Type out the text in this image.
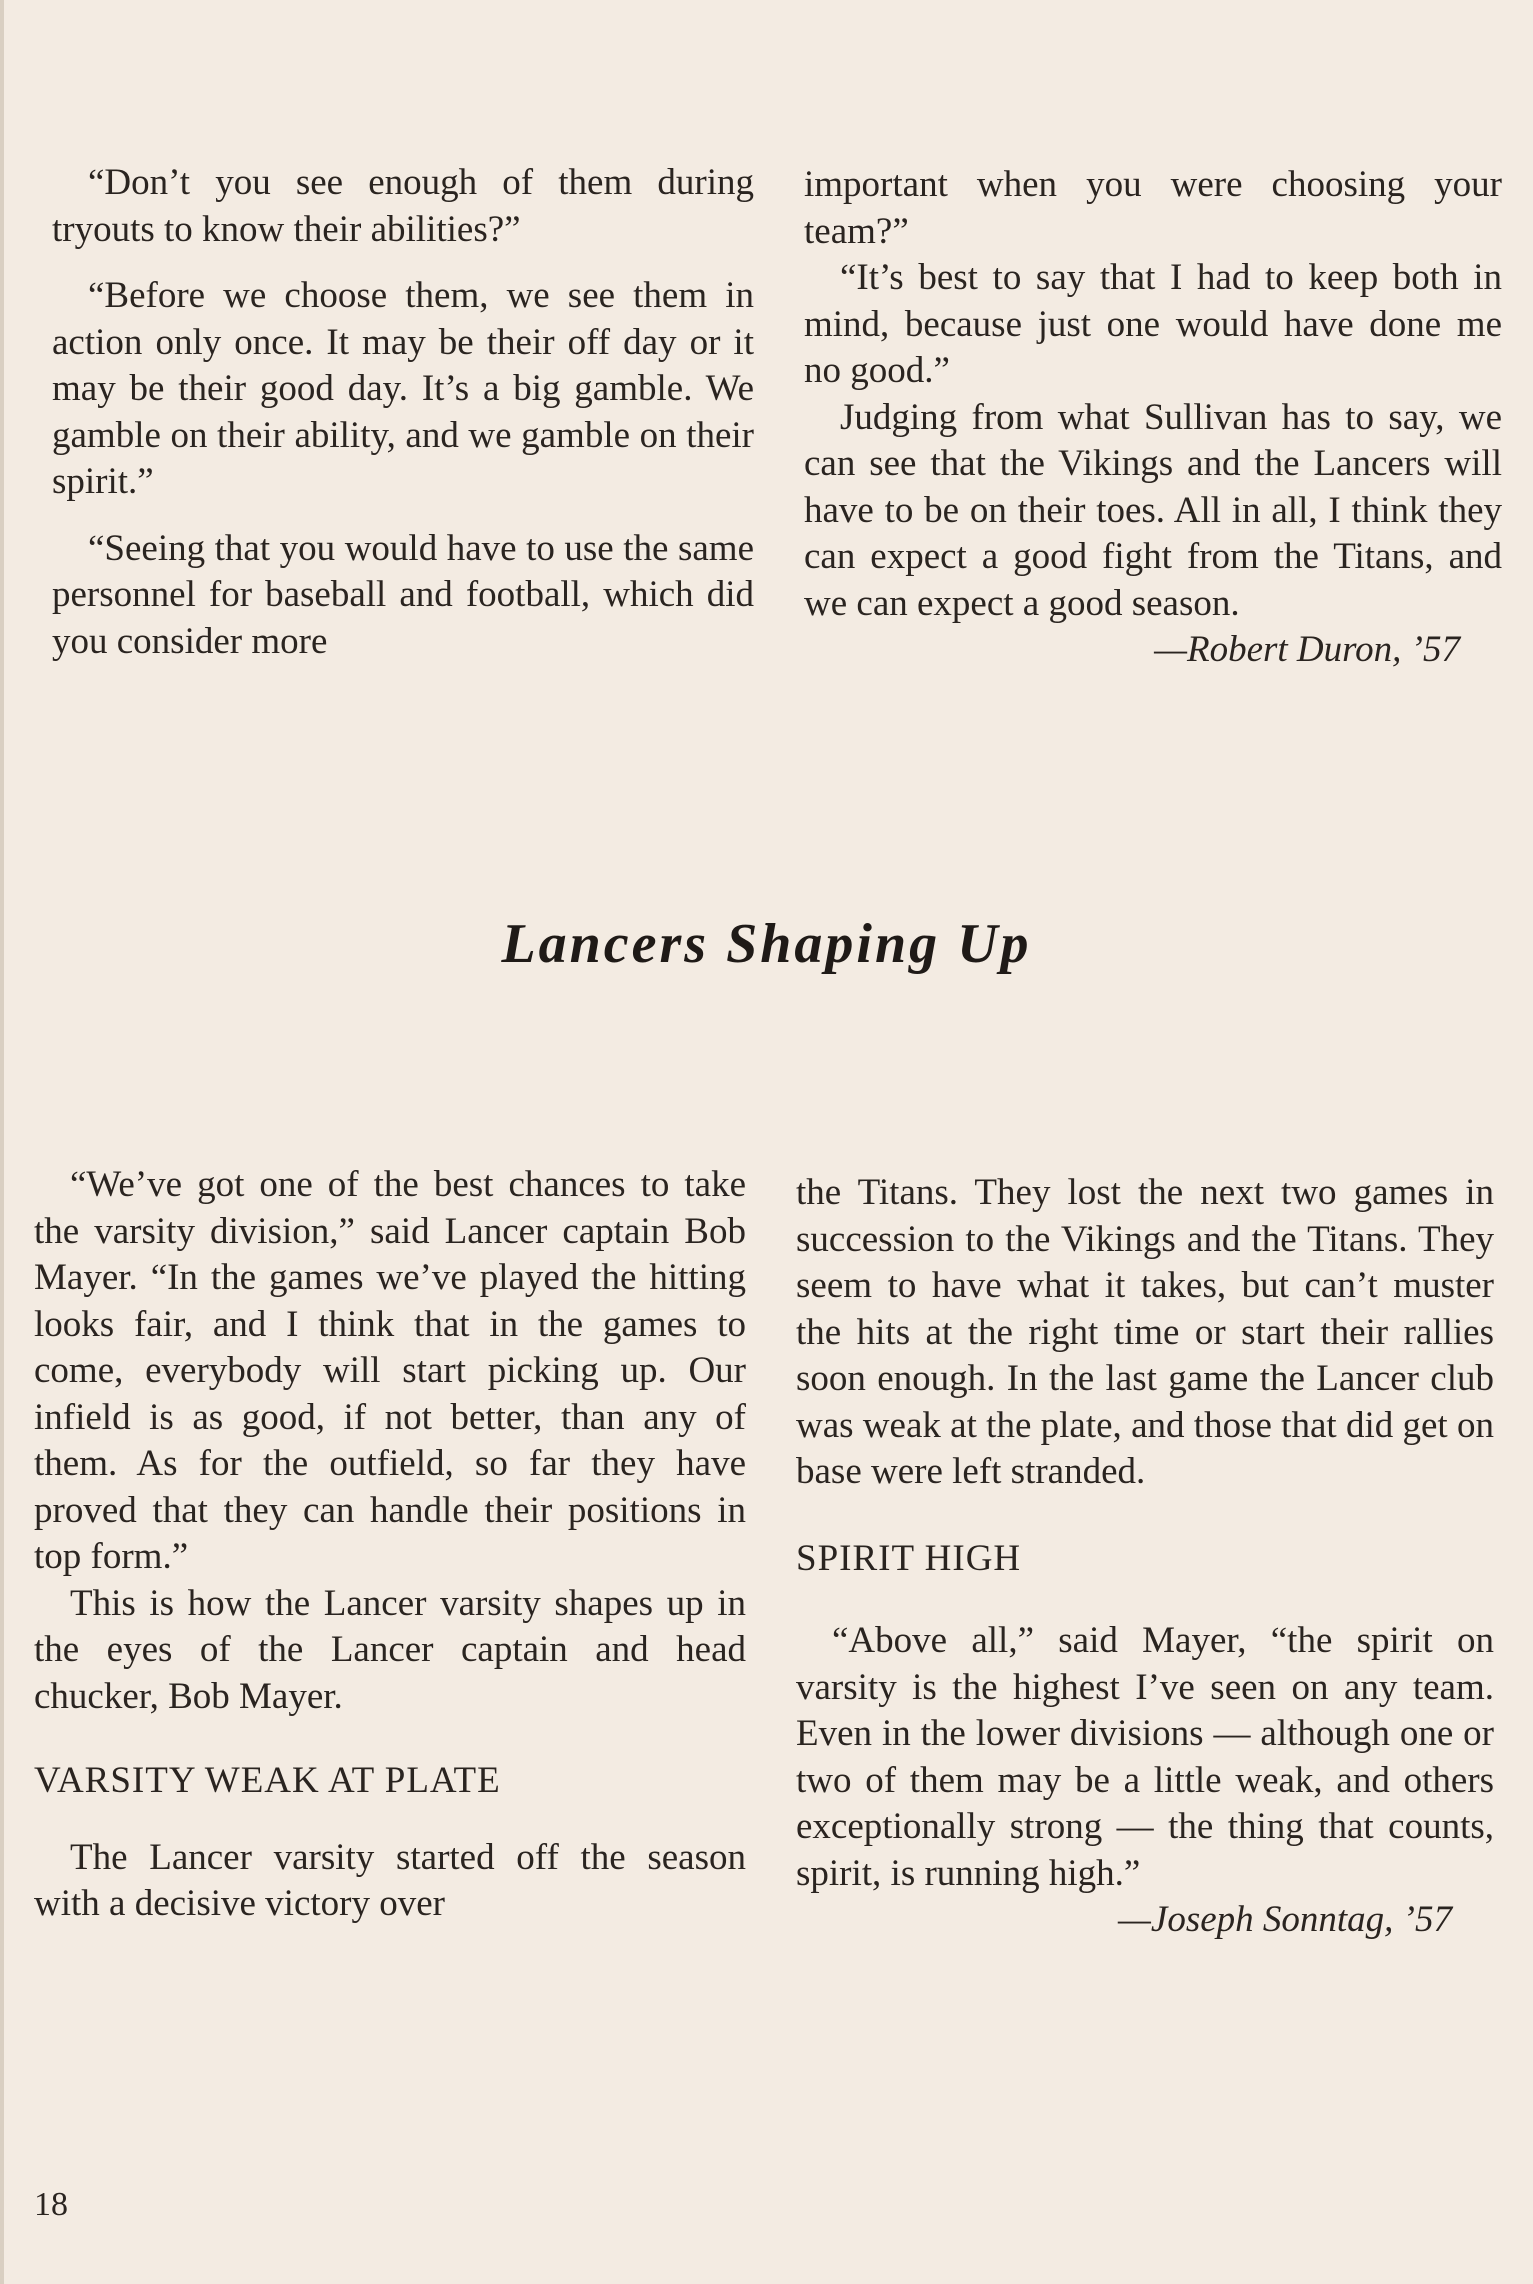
“Don’t you see enough of them during tryouts to know their abilities?”

“Before we choose them, we see them in action only once. It may be their off day or it may be their good day. It’s a big gamble. We gamble on their ability, and we gamble on their spirit.”

“Seeing that you would have to use the same personnel for baseball and football, which did you consider more

important when you were choosing your team?”

“It’s best to say that I had to keep both in mind, because just one would have done me no good.”

Judging from what Sullivan has to say, we can see that the Vikings and the Lancers will have to be on their toes. All in all, I think they can expect a good fight from the Titans, and we can expect a good season.

—Robert Duron, ’57
Lancers Shaping Up

“We’ve got one of the best chances to take the varsity division,” said Lancer captain Bob Mayer. “In the games we’ve played the hitting looks fair, and I think that in the games to come, everybody will start picking up. Our infield is as good, if not better, than any of them. As for the outfield, so far they have proved that they can handle their positions in top form.”

This is how the Lancer varsity shapes up in the eyes of the Lancer captain and head chucker, Bob Mayer.

VARSITY WEAK AT PLATE

The Lancer varsity started off the season with a decisive victory over

the Titans. They lost the next two games in succession to the Vikings and the Titans. They seem to have what it takes, but can’t muster the hits at the right time or start their rallies soon enough. In the last game the Lancer club was weak at the plate, and those that did get on base were left stranded.

SPIRIT HIGH

“Above all,” said Mayer, “the spirit on varsity is the highest I’ve seen on any team. Even in the lower divisions — although one or two of them may be a little weak, and others exceptionally strong — the thing that counts, spirit, is running high.”

—Joseph Sonntag, ’57
18
